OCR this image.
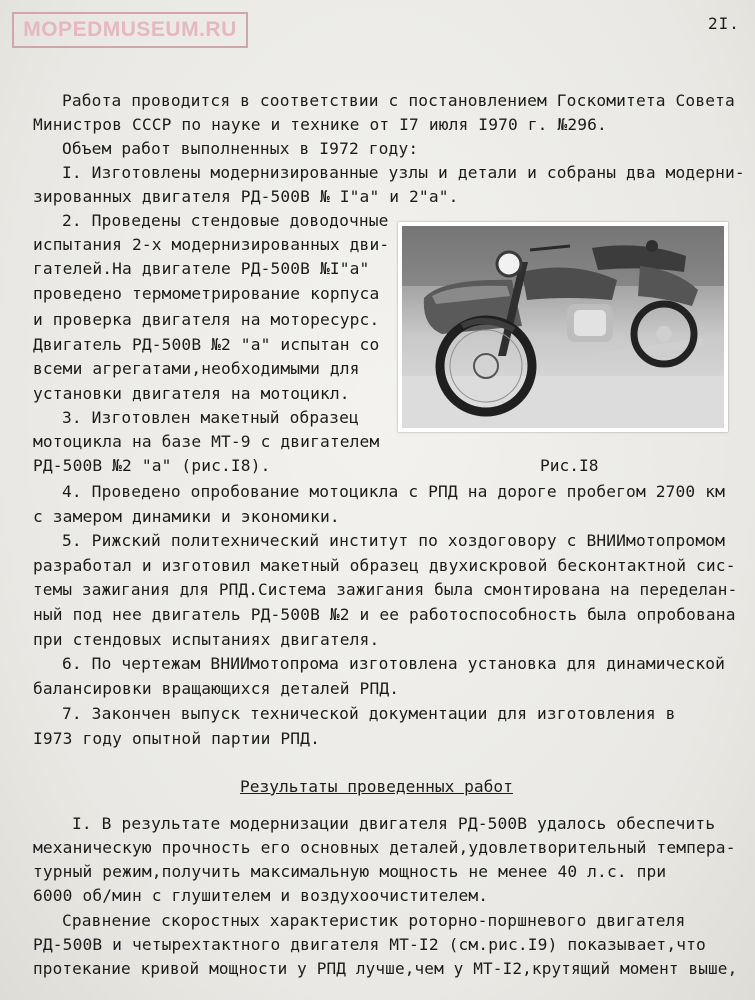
MOPEDMUSEUM.RU	2I.
Работа проводится в соответствии с постановлением Госкомитета Совета
Министров СССР по науке и технике от I7 июля I970 г. №296.
Объем работ выполненных в I972 году:
I. Изготовлены модернизированные узлы и детали и собраны два модерни-
зированных двигателя РД-500В № I"а" и 2"а".
2. Проведены стендовые доводочные
испытания 2-х модернизированных дви-
гателей.На двигателе РД-500В №I"а"
проведено термометрирование корпуса
и проверка двигателя на моторесурс.
Двигатель РД-500В №2 "а" испытан со
всеми агрегатами,необходимыми для
установки двигателя на мотоцикл.
3. Изготовлен макетный образец
мотоцикла на базе МТ-9 с двигателем
РД-500В №2 "а" (рис.I8).	Рис.I8
4. Проведено опробование мотоцикла с РПД на дороге пробегом 2700 км
с замером динамики и экономики.
5. Рижский политехнический институт по хоздоговору с ВНИИмотопромом
разработал и изготовил макетный образец двухискровой бесконтактной сис-
темы зажигания для РПД.Система зажигания была смонтирована на переделан-
ный под нее двигатель РД-500В №2 и ее работоспособность была опробована
при стендовых испытаниях двигателя.
6. По чертежам ВНИИмотопрома изготовлена установка для динамической
балансировки вращающихся деталей РПД.
7. Закончен выпуск технической документации для изготовления в
I973 году опытной партии РПД.
Результаты проведенных работ
I. В результате модернизации двигателя РД-500В удалось обеспечить
механическую прочность его основных деталей,удовлетворительный темпера-
турный режим,получить максимальную мощность не менее 40 л.с. при
6000 об/мин с глушителем и воздухоочистителем.
Сравнение скоростных характеристик роторно-поршневого двигателя
РД-500В и четырехтактного двигателя МТ-I2 (см.рис.I9) показывает,что
протекание кривой мощности у РПД лучше,чем у МТ-I2,крутящий момент выше,
